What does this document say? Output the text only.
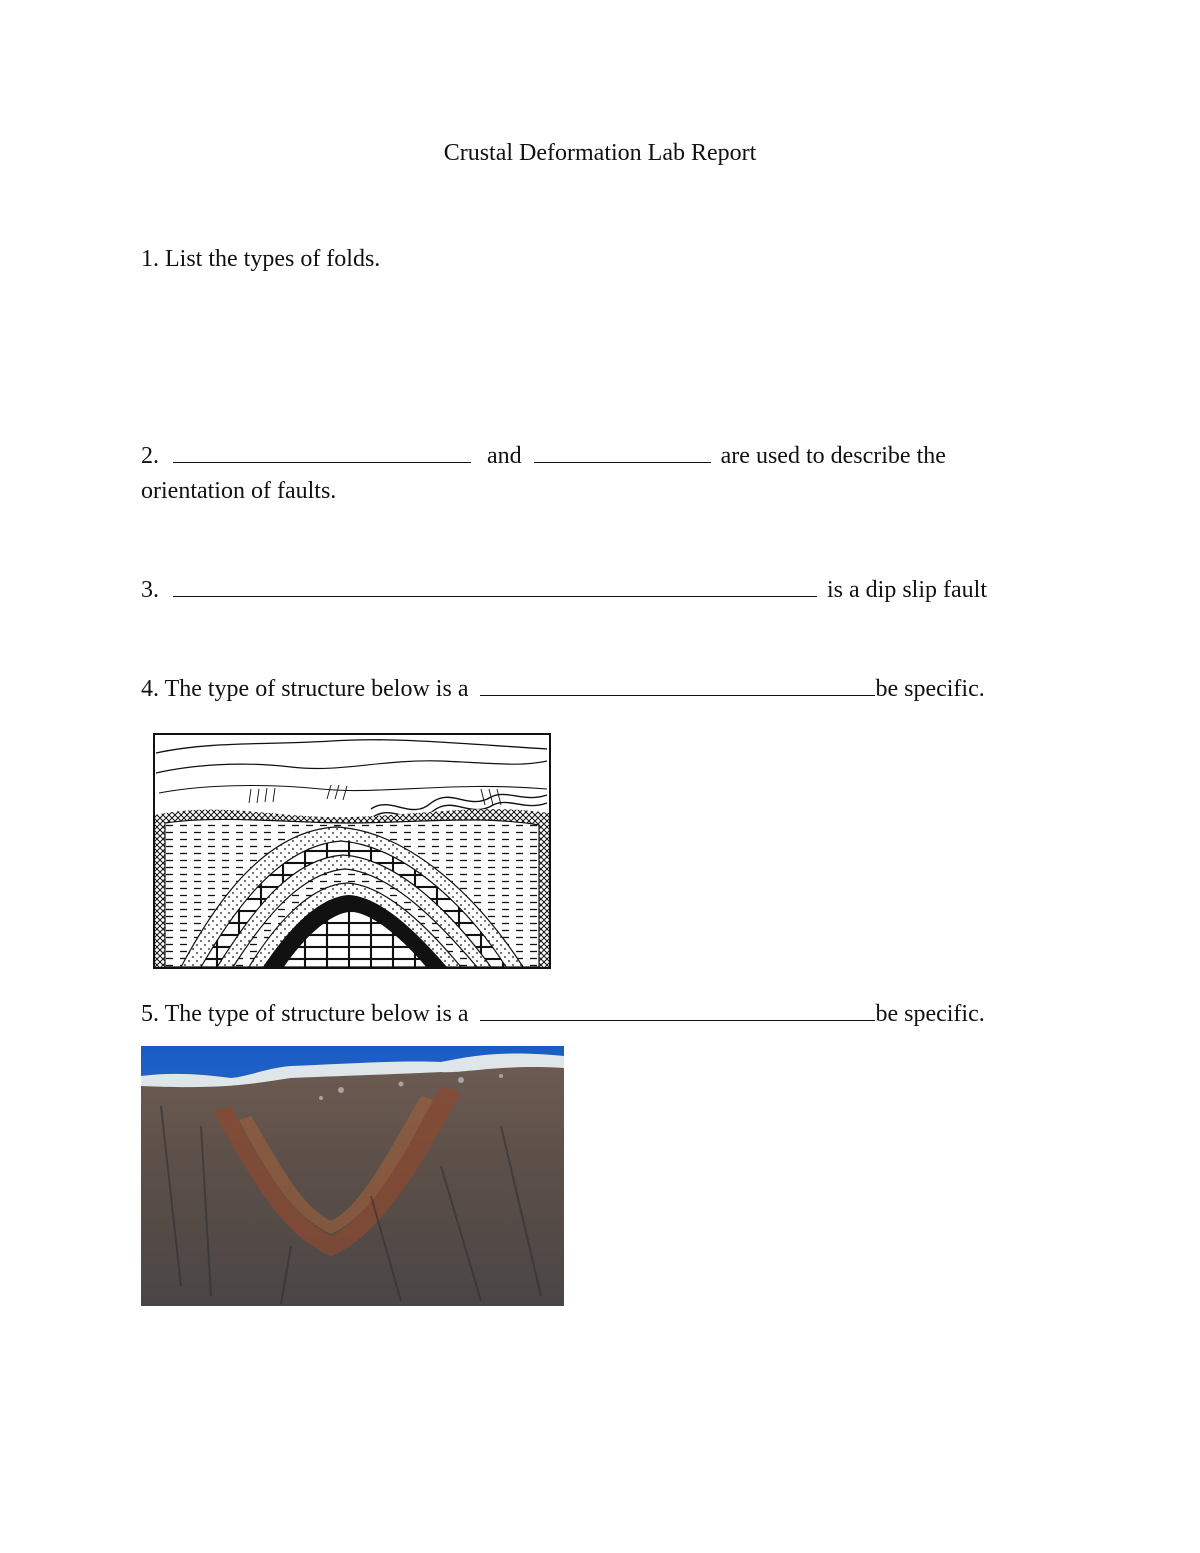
Crustal Deformation Lab Report
1. List the types of folds.
2.	and	are used to describe the
orientation of faults.
3.	is a dip slip fault
4. The type of structure below is a	be specific.
5. The type of structure below is a	be specific.
